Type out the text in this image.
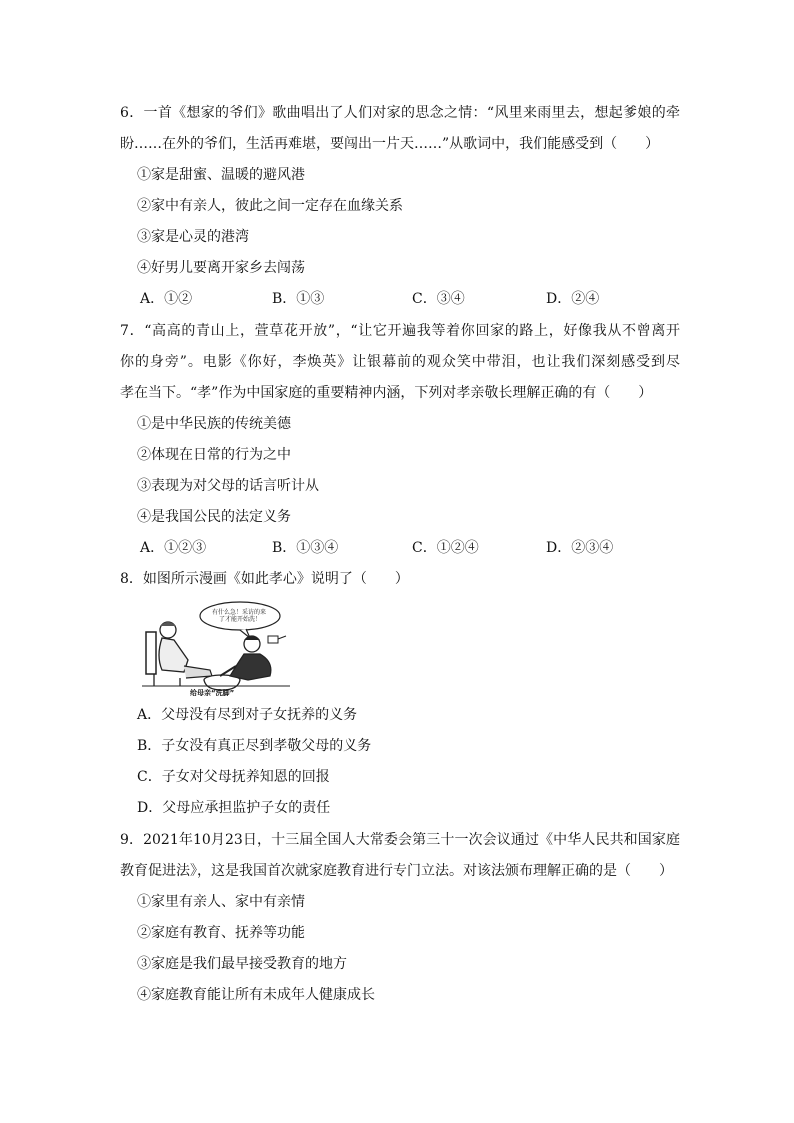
6．一首《想家的爷们》歌曲唱出了人们对家的思念之情：“风里来雨里去，想起爹娘的牵
盼……在外的爷们，生活再难堪，要闯出一片天……”从歌词中，我们能感受到（　　）
①家是甜蜜、温暖的避风港
②家中有亲人，彼此之间一定存在血缘关系
③家是心灵的港湾
④好男儿要离开家乡去闯荡
A．①②	B．①③	C．③④	D．②④
7．“高高的青山上，萱草花开放”，“让它开遍我等着你回家的路上，好像我从不曾离开
你的身旁”。电影《你好，李焕英》让银幕前的观众笑中带泪，也让我们深刻感受到尽
孝在当下。“孝”作为中国家庭的重要精神内涵，下列对孝亲敬长理解正确的有（　　）
①是中华民族的传统美德
②体现在日常的行为之中
③表现为对父母的话言听计从
④是我国公民的法定义务
A．①②③	B．①③④	C．①②④	D．②③④
8．如图所示漫画《如此孝心》说明了（　　）
有什么急！采访的来 了才能开始洗！
给母亲“洗脚”
A．父母没有尽到对子女抚养的义务
B．子女没有真正尽到孝敬父母的义务
C．子女对父母抚养知恩的回报
D．父母应承担监护子女的责任
9．2021年10月23日，十三届全国人大常委会第三十一次会议通过《中华人民共和国家庭
教育促进法》，这是我国首次就家庭教育进行专门立法。对该法颁布理解正确的是（　　）
①家里有亲人、家中有亲情
②家庭有教育、抚养等功能
③家庭是我们最早接受教育的地方
④家庭教育能让所有未成年人健康成长
